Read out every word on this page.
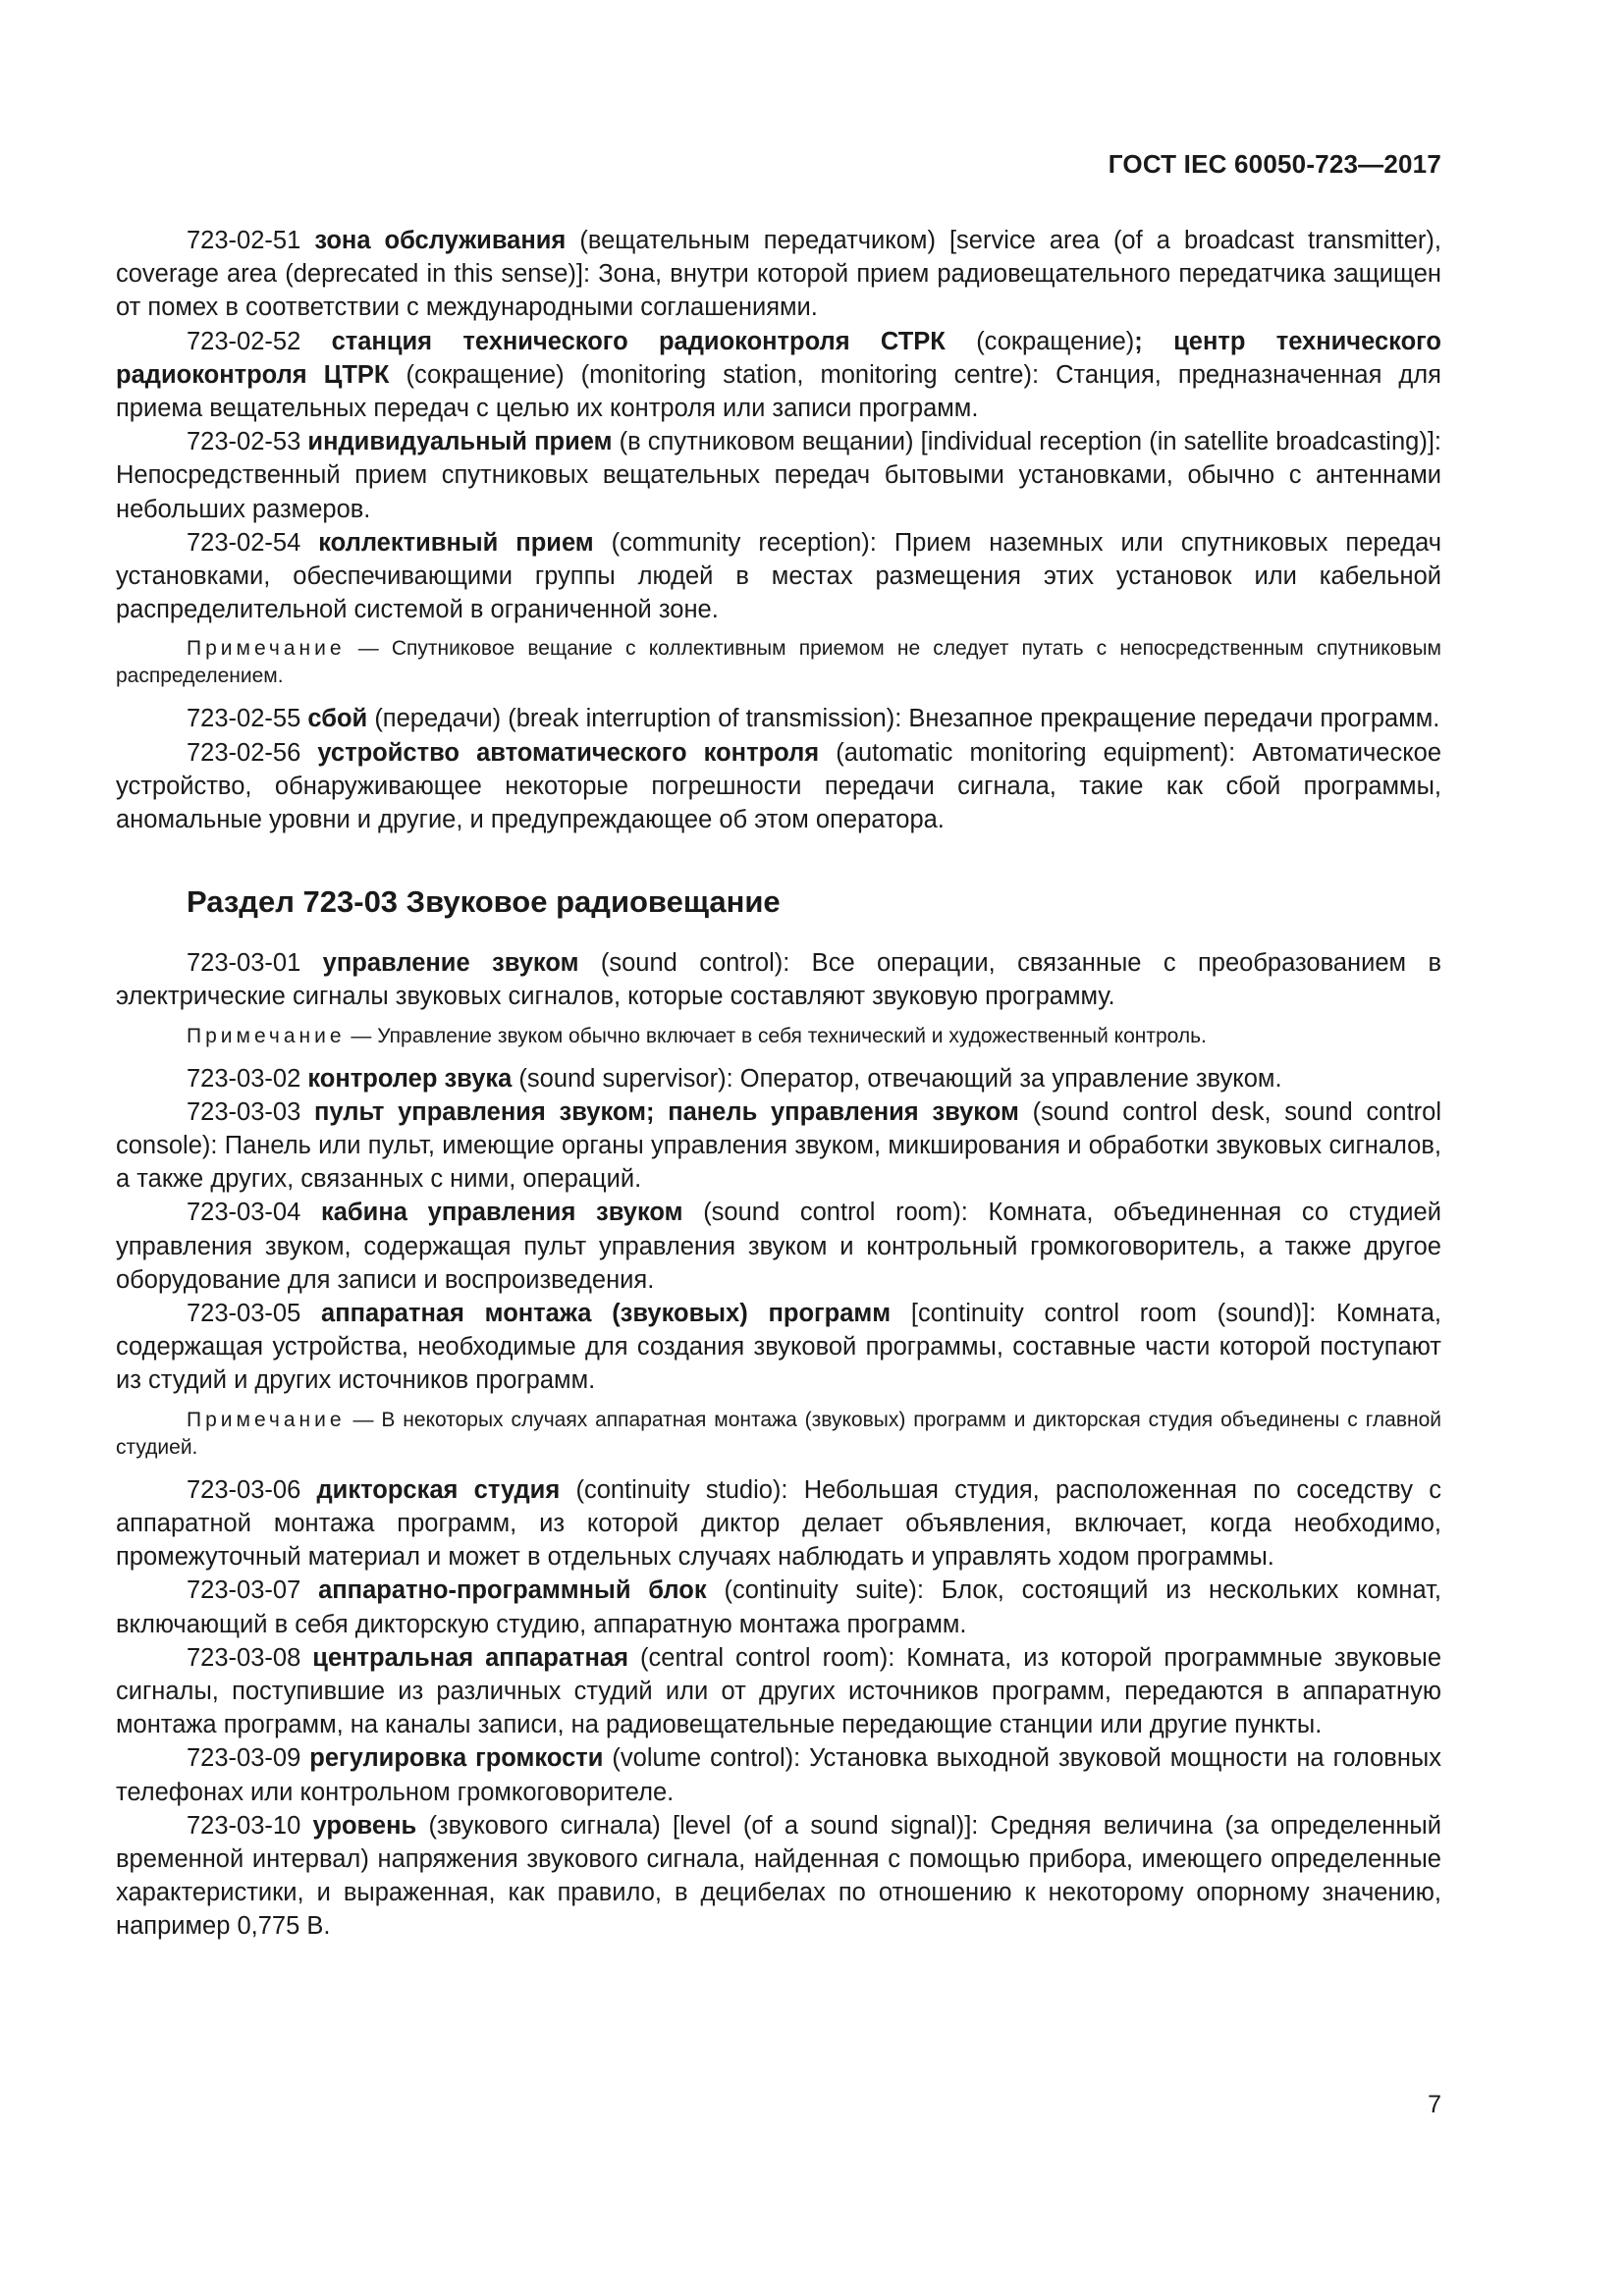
ГОСТ IEC 60050-723—2017

723-02-51 зона обслуживания (вещательным передатчиком) [service area (of a broadcast transmitter), coverage area (deprecated in this sense)]: Зона, внутри которой прием радиовещательного передатчика защищен от помех в соответствии с международными соглашениями.

723-02-52 станция технического радиоконтроля СТРК (сокращение); центр технического радиоконтроля ЦТРК (сокращение) (monitoring station, monitoring centre): Станция, предназначенная для приема вещательных передач с целью их контроля или записи программ.

723-02-53 индивидуальный прием (в спутниковом вещании) [individual reception (in satellite broadcasting)]: Непосредственный прием спутниковых вещательных передач бытовыми установками, обычно с антеннами небольших размеров.

723-02-54 коллективный прием (community reception): Прием наземных или спутниковых передач установками, обеспечивающими группы людей в местах размещения этих установок или кабельной распределительной системой в ограниченной зоне.

Примечание — Спутниковое вещание с коллективным приемом не следует путать с непосредственным спутниковым распределением.

723-02-55 сбой (передачи) (break interruption of transmission): Внезапное прекращение передачи программ.

723-02-56 устройство автоматического контроля (automatic monitoring equipment): Автоматическое устройство, обнаруживающее некоторые погрешности передачи сигнала, такие как сбой программы, аномальные уровни и другие, и предупреждающее об этом оператора.

Раздел 723-03 Звуковое радиовещание

723-03-01 управление звуком (sound control): Все операции, связанные с преобразованием в электрические сигналы звуковых сигналов, которые составляют звуковую программу.

Примечание — Управление звуком обычно включает в себя технический и художественный контроль.

723-03-02 контролер звука (sound supervisor): Оператор, отвечающий за управление звуком.

723-03-03 пульт управления звуком; панель управления звуком (sound control desk, sound control console): Панель или пульт, имеющие органы управления звуком, микширования и обработки звуковых сигналов, а также других, связанных с ними, операций.

723-03-04 кабина управления звуком (sound control room): Комната, объединенная со студией управления звуком, содержащая пульт управления звуком и контрольный громкоговоритель, а также другое оборудование для записи и воспроизведения.

723-03-05 аппаратная монтажа (звуковых) программ [continuity control room (sound)]: Комната, содержащая устройства, необходимые для создания звуковой программы, составные части которой поступают из студий и других источников программ.

Примечание — В некоторых случаях аппаратная монтажа (звуковых) программ и дикторская студия объединены с главной студией.

723-03-06 дикторская студия (continuity studio): Небольшая студия, расположенная по соседству с аппаратной монтажа программ, из которой диктор делает объявления, включает, когда необходимо, промежуточный материал и может в отдельных случаях наблюдать и управлять ходом программы.

723-03-07 аппаратно-программный блок (continuity suite): Блок, состоящий из нескольких комнат, включающий в себя дикторскую студию, аппаратную монтажа программ.

723-03-08 центральная аппаратная (central control room): Комната, из которой программные звуковые сигналы, поступившие из различных студий или от других источников программ, передаются в аппаратную монтажа программ, на каналы записи, на радиовещательные передающие станции или другие пункты.

723-03-09 регулировка громкости (volume control): Установка выходной звуковой мощности на головных телефонах или контрольном громкоговорителе.

723-03-10 уровень (звукового сигнала) [level (of a sound signal)]: Средняя величина (за определенный временной интервал) напряжения звукового сигнала, найденная с помощью прибора, имеющего определенные характеристики, и выраженная, как правило, в децибелах по отношению к некоторому опорному значению, например 0,775 В.

7
